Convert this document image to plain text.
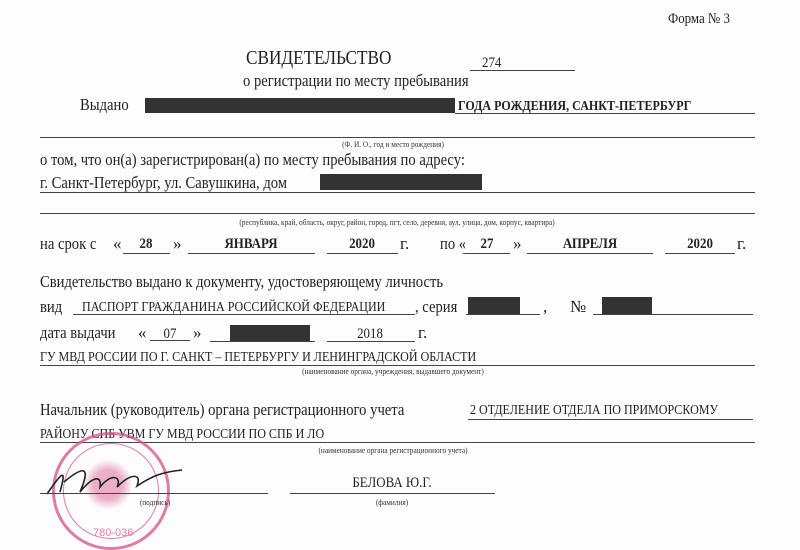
Форма № 3
СВИДЕТЕЛЬСТВО	274
о регистрации по месту пребывания
Выдано	ГОДА РОЖДЕНИЯ, САНКТ-ПЕТЕРБУРГ
(Ф. И. О., год и место рождения)
о том, что он(а) зарегистрирован(а) по месту пребывания по адресу:
г. Санкт-Петербург, ул. Савушкина, дом
(республика, край, область, округ, район, город, пгт, село, деревня, аул, улица, дом, корпус, квартира)
на срок с « 28 »	ЯНВАРЯ	2020 г. по « 27 »	АПРЕЛЯ	2020 г.
Свидетельство выдано к документу, удостоверяющему личность
вид ПАСПОРТ ГРАЖДАНИНА РОССИЙСКОЙ ФЕДЕРАЦИИ , серия	, №
дата выдачи « 07 »	2018 г.
ГУ МВД РОССИИ ПО Г. САНКТ – ПЕТЕРБУРГУ И ЛЕНИНГРАДСКОЙ ОБЛАСТИ
(наименование органа, учреждения, выдавшего документ)
Начальник (руководитель) органа регистрационного учета	2 ОТДЕЛЕНИЕ ОТДЕЛА ПО ПРИМОРСКОМУ
РАЙОНУ СПБ УВМ ГУ МВД РОССИИ ПО СПБ И ЛО
(наименование органа регистрационного учета)
780-036
(подпись)
БЕЛОВА Ю.Г.
(фамилия)
